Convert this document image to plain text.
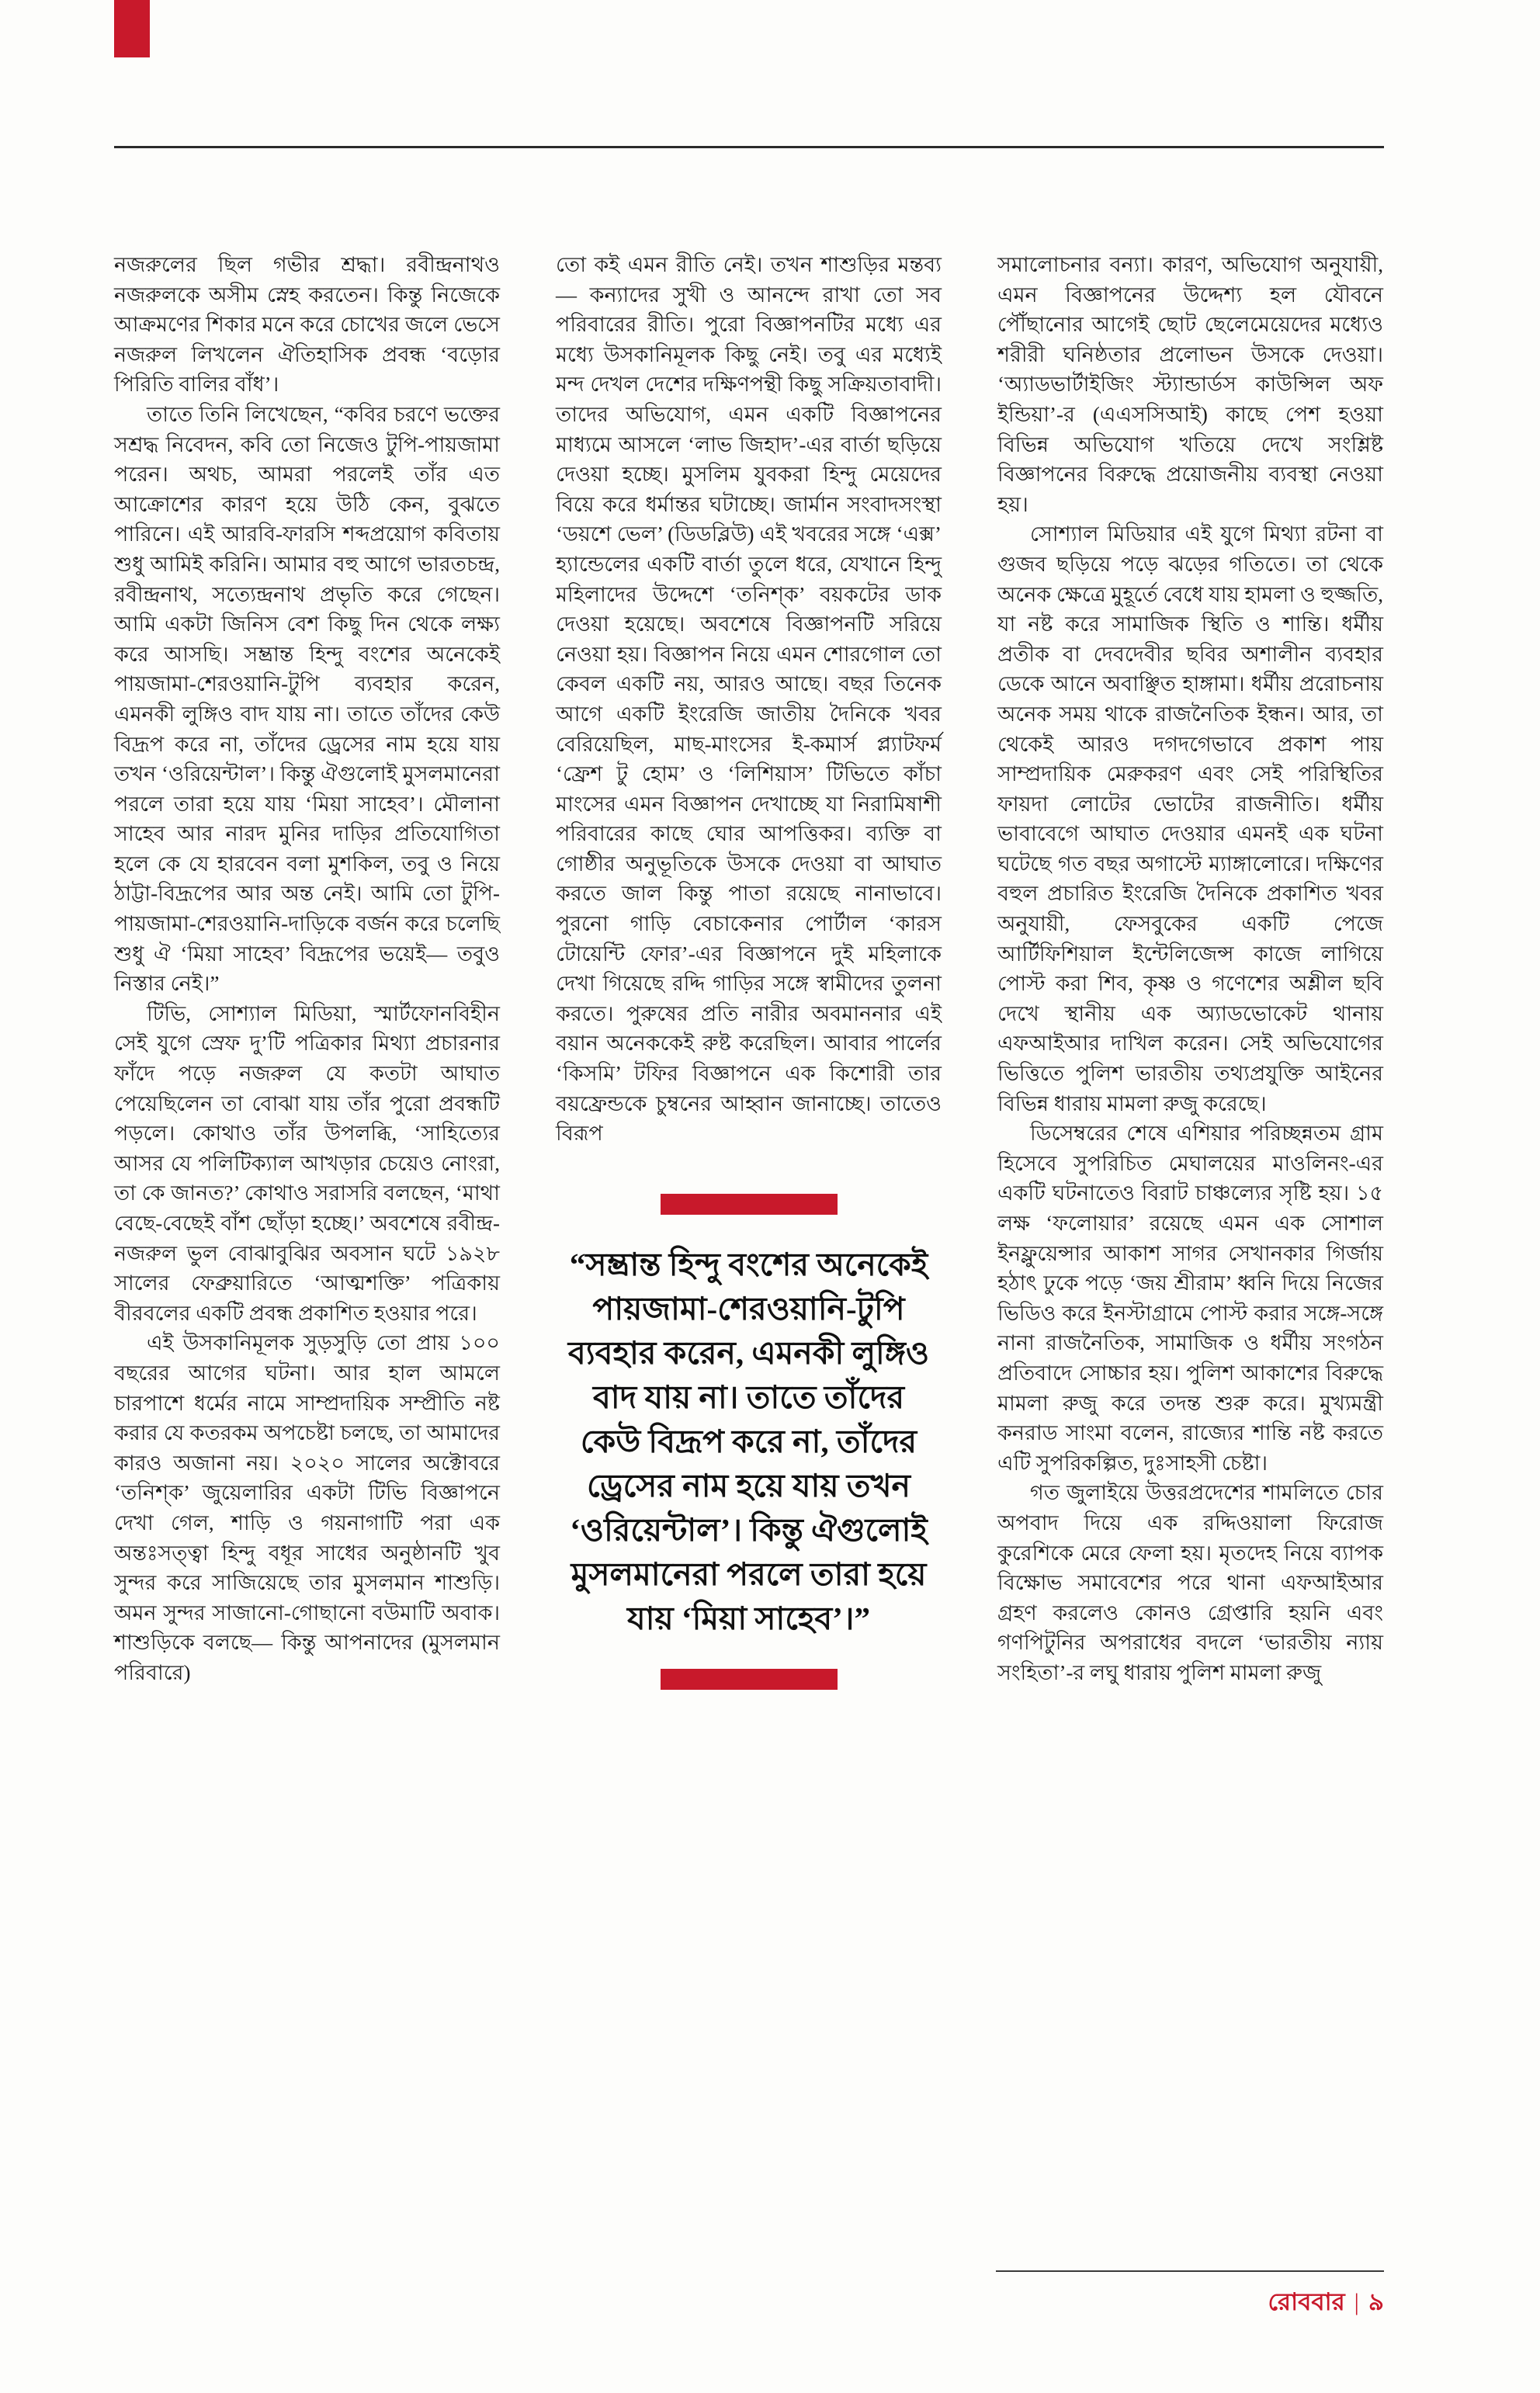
নজরুলের ছিল গভীর শ্রদ্ধা। রবীন্দ্রনাথও নজরুলকে অসীম স্নেহ করতেন। কিন্তু নিজেকে আক্রমণের শিকার মনে করে চোখের জলে ভেসে নজরুল লিখলেন ঐতিহাসিক প্রবন্ধ ‘বড়োর পিরিতি বালির বাঁধ’।

তাতে তিনি লিখেছেন, “কবির চরণে ভক্তের সশ্রদ্ধ নিবেদন, কবি তো নিজেও টুপি-পায়জামা পরেন। অথচ, আমরা পরলেই তাঁর এত আক্রোশের কারণ হয়ে উঠি কেন, বুঝতে পারিনে। এই আরবি-ফারসি শব্দপ্রয়োগ কবিতায় শুধু আমিই করিনি। আমার বহু আগে ভারতচন্দ্র, রবীন্দ্রনাথ, সত্যেন্দ্রনাথ প্রভৃতি করে গেছেন। আমি একটা জিনিস বেশ কিছু দিন থেকে লক্ষ্য করে আসছি। সম্ভ্রান্ত হিন্দু বংশের অনেকেই পায়জামা-শেরওয়ানি-টুপি ব্যবহার করেন, এমনকী লুঙ্গিও বাদ যায় না। তাতে তাঁদের কেউ বিদ্রূপ করে না, তাঁদের ড্রেসের নাম হয়ে যায় তখন ‘ওরিয়েন্টাল’। কিন্তু ঐগুলোই মুসলমানেরা পরলে তারা হয়ে যায় ‘মিয়া সাহেব’। মৌলানা সাহেব আর নারদ মুনির দাড়ির প্রতিযোগিতা হলে কে যে হারবেন বলা মুশকিল, তবু ও নিয়ে ঠাট্টা-বিদ্রূপের আর অন্ত নেই। আমি তো টুপি-পায়জামা-শেরওয়ানি-দাড়িকে বর্জন করে চলেছি শুধু ঐ ‘মিয়া সাহেব’ বিদ্রূপের ভয়েই— তবুও নিস্তার নেই।”

টিভি, সোশ্যাল মিডিয়া, স্মার্টফোনবিহীন সেই যুগে স্রেফ দু’টি পত্রিকার মিথ্যা প্রচারনার ফাঁদে পড়ে নজরুল যে কতটা আঘাত পেয়েছিলেন তা বোঝা যায় তাঁর পুরো প্রবন্ধটি পড়লে। কোথাও তাঁর উপলব্ধি, ‘সাহিত্যের আসর যে পলিটিক্যাল আখড়ার চেয়েও নোংরা, তা কে জানত?’ কোথাও সরাসরি বলছেন, ‘মাথা বেছে-বেছেই বাঁশ ছোঁড়া হচ্ছে।’ অবশেষে রবীন্দ্র-নজরুল ভুল বোঝাবুঝির অবসান ঘটে ১৯২৮ সালের ফেব্রুয়ারিতে ‘আত্মশক্তি’ পত্রিকায় বীরবলের একটি প্রবন্ধ প্রকাশিত হওয়ার পরে।

এই উসকানিমূলক সুড়সুড়ি তো প্রায় ১০০ বছরের আগের ঘটনা। আর হাল আমলে চারপাশে ধর্মের নামে সাম্প্রদায়িক সম্প্রীতি নষ্ট করার যে কতরকম অপচেষ্টা চলছে, তা আমাদের কারও অজানা নয়। ২০২০ সালের অক্টোবরে ‘তনিশ্ক’ জুয়েলারির একটা টিভি বিজ্ঞাপনে দেখা গেল, শাড়ি ও গয়নাগাটি পরা এক অন্তঃসত্ত্বা হিন্দু বধূর সাধের অনুষ্ঠানটি খুব সুন্দর করে সাজিয়েছে তার মুসলমান শাশুড়ি। অমন সুন্দর সাজানো-গোছানো বউমাটি অবাক। শাশুড়িকে বলছে— কিন্তু আপনাদের (মুসলমান পরিবারে)

তো কই এমন রীতি নেই। তখন শাশুড়ির মন্তব্য— কন্যাদের সুখী ও আনন্দে রাখা তো সব পরিবারের রীতি। পুরো বিজ্ঞাপনটির মধ্যে এর মধ্যে উসকানিমূলক কিছু নেই। তবু এর মধ্যেই মন্দ দেখল দেশের দক্ষিণপন্থী কিছু সক্রিয়তাবাদী। তাদের অভিযোগ, এমন একটি বিজ্ঞাপনের মাধ্যমে আসলে ‘লাভ জিহাদ’-এর বার্তা ছড়িয়ে দেওয়া হচ্ছে। মুসলিম যুবকরা হিন্দু মেয়েদের বিয়ে করে ধর্মান্তর ঘটাচ্ছে। জার্মান সংবাদসংস্থা ‘ডয়শে ভেল’ (ডিডব্লিউ) এই খবরের সঙ্গে ‘এক্স’ হ্যান্ডেলের একটি বার্তা তুলে ধরে, যেখানে হিন্দু মহিলাদের উদ্দেশে ‘তনিশ্ক’ বয়কটের ডাক দেওয়া হয়েছে। অবশেষে বিজ্ঞাপনটি সরিয়ে নেওয়া হয়। বিজ্ঞাপন নিয়ে এমন শোরগোল তো কেবল একটি নয়, আরও আছে। বছর তিনেক আগে একটি ইংরেজি জাতীয় দৈনিকে খবর বেরিয়েছিল, মাছ-মাংসের ই-কমার্স প্ল্যাটফর্ম ‘ফ্রেশ টু হোম’ ও ‘লিশিয়াস’ টিভিতে কাঁচা মাংসের এমন বিজ্ঞাপন দেখাচ্ছে যা নিরামিষাশী পরিবারের কাছে ঘোর আপত্তিকর। ব্যক্তি বা গোষ্ঠীর অনুভূতিকে উসকে দেওয়া বা আঘাত করতে জাল কিন্তু পাতা রয়েছে নানাভাবে। পুরনো গাড়ি বেচাকেনার পোর্টাল ‘কারস টোয়েন্টি ফোর’-এর বিজ্ঞাপনে দুই মহিলাকে দেখা গিয়েছে রদ্দি গাড়ির সঙ্গে স্বামীদের তুলনা করতে। পুরুষের প্রতি নারীর অবমাননার এই বয়ান অনেককেই রুষ্ট করেছিল। আবার পার্লের ‘কিসমি’ টফির বিজ্ঞাপনে এক কিশোরী তার বয়ফ্রেন্ডকে চুম্বনের আহ্বান জানাচ্ছে। তাতেও বিরূপ

“সম্ভ্রান্ত হিন্দু বংশের অনেকেই পায়জামা-শেরওয়ানি-টুপি ব্যবহার করেন, এমনকী লুঙ্গিও বাদ যায় না। তাতে তাঁদের কেউ বিদ্রূপ করে না, তাঁদের ড্রেসের নাম হয়ে যায় তখন ‘ওরিয়েন্টাল’। কিন্তু ঐগুলোই মুসলমানেরা পরলে তারা হয়ে যায় ‘মিয়া সাহেব’।”

সমালোচনার বন্যা। কারণ, অভিযোগ অনুযায়ী, এমন বিজ্ঞাপনের উদ্দেশ্য হল যৌবনে পৌঁছানোর আগেই ছোট ছেলেমেয়েদের মধ্যেও শরীরী ঘনিষ্ঠতার প্রলোভন উসকে দেওয়া। ‘অ্যাডভার্টাইজিং স্ট্যান্ডার্ডস কাউন্সিল অফ ইন্ডিয়া’-র (এএসসিআই) কাছে পেশ হওয়া বিভিন্ন অভিযোগ খতিয়ে দেখে সংশ্লিষ্ট বিজ্ঞাপনের বিরুদ্ধে প্রয়োজনীয় ব্যবস্থা নেওয়া হয়।

সোশ্যাল মিডিয়ার এই যুগে মিথ্যা রটনা বা গুজব ছড়িয়ে পড়ে ঝড়ের গতিতে। তা থেকে অনেক ক্ষেত্রে মুহূর্তে বেধে যায় হামলা ও হুজ্জতি, যা নষ্ট করে সামাজিক স্থিতি ও শান্তি। ধর্মীয় প্রতীক বা দেবদেবীর ছবির অশালীন ব্যবহার ডেকে আনে অবাঞ্ছিত হাঙ্গামা। ধর্মীয় প্ররোচনায় অনেক সময় থাকে রাজনৈতিক ইন্ধন। আর, তা থেকেই আরও দগদগেভাবে প্রকাশ পায় সাম্প্রদায়িক মেরুকরণ এবং সেই পরিস্থিতির ফায়দা লোটের ভোটের রাজনীতি। ধর্মীয় ভাবাবেগে আঘাত দেওয়ার এমনই এক ঘটনা ঘটেছে গত বছর অগাস্টে ম্যাঙ্গালোরে। দক্ষিণের বহুল প্রচারিত ইংরেজি দৈনিকে প্রকাশিত খবর অনুযায়ী, ফেসবুকের একটি পেজে আর্টিফিশিয়াল ইন্টেলিজেন্স কাজে লাগিয়ে পোস্ট করা শিব, কৃষ্ণ ও গণেশের অশ্লীল ছবি দেখে স্থানীয় এক অ্যাডভোকেট থানায় এফআইআর দাখিল করেন। সেই অভিযোগের ভিত্তিতে পুলিশ ভারতীয় তথ্যপ্রযুক্তি আইনের বিভিন্ন ধারায় মামলা রুজু করেছে।

ডিসেম্বরের শেষে এশিয়ার পরিচ্ছন্নতম গ্রাম হিসেবে সুপরিচিত মেঘালয়ের মাওলিনং-এর একটি ঘটনাতেও বিরাট চাঞ্চল্যের সৃষ্টি হয়। ১৫ লক্ষ ‘ফলোয়ার’ রয়েছে এমন এক সোশাল ইনফ্লুয়েন্সার আকাশ সাগর সেখানকার গির্জায় হঠাৎ ঢুকে পড়ে ‘জয় শ্রীরাম’ ধ্বনি দিয়ে নিজের ভিডিও করে ইনস্টাগ্রামে পোস্ট করার সঙ্গে-সঙ্গে নানা রাজনৈতিক, সামাজিক ও ধর্মীয় সংগঠন প্রতিবাদে সোচ্চার হয়। পুলিশ আকাশের বিরুদ্ধে মামলা রুজু করে তদন্ত শুরু করে। মুখ্যমন্ত্রী কনরাড সাংমা বলেন, রাজ্যের শান্তি নষ্ট করতে এটি সুপরিকল্পিত, দুঃসাহসী চেষ্টা।

গত জুলাইয়ে উত্তরপ্রদেশের শামলিতে চোর অপবাদ দিয়ে এক রদ্দিওয়ালা ফিরোজ কুরেশিকে মেরে ফেলা হয়। মৃতদেহ নিয়ে ব্যাপক বিক্ষোভ সমাবেশের পরে থানা এফআইআর গ্রহণ করলেও কোনও গ্রেপ্তারি হয়নি এবং গণপিটুনির অপরাধের বদলে ‘ভারতীয় ন্যায় সংহিতা’-র লঘু ধারায় পুলিশ মামলা রুজু

রোববার | ৯
